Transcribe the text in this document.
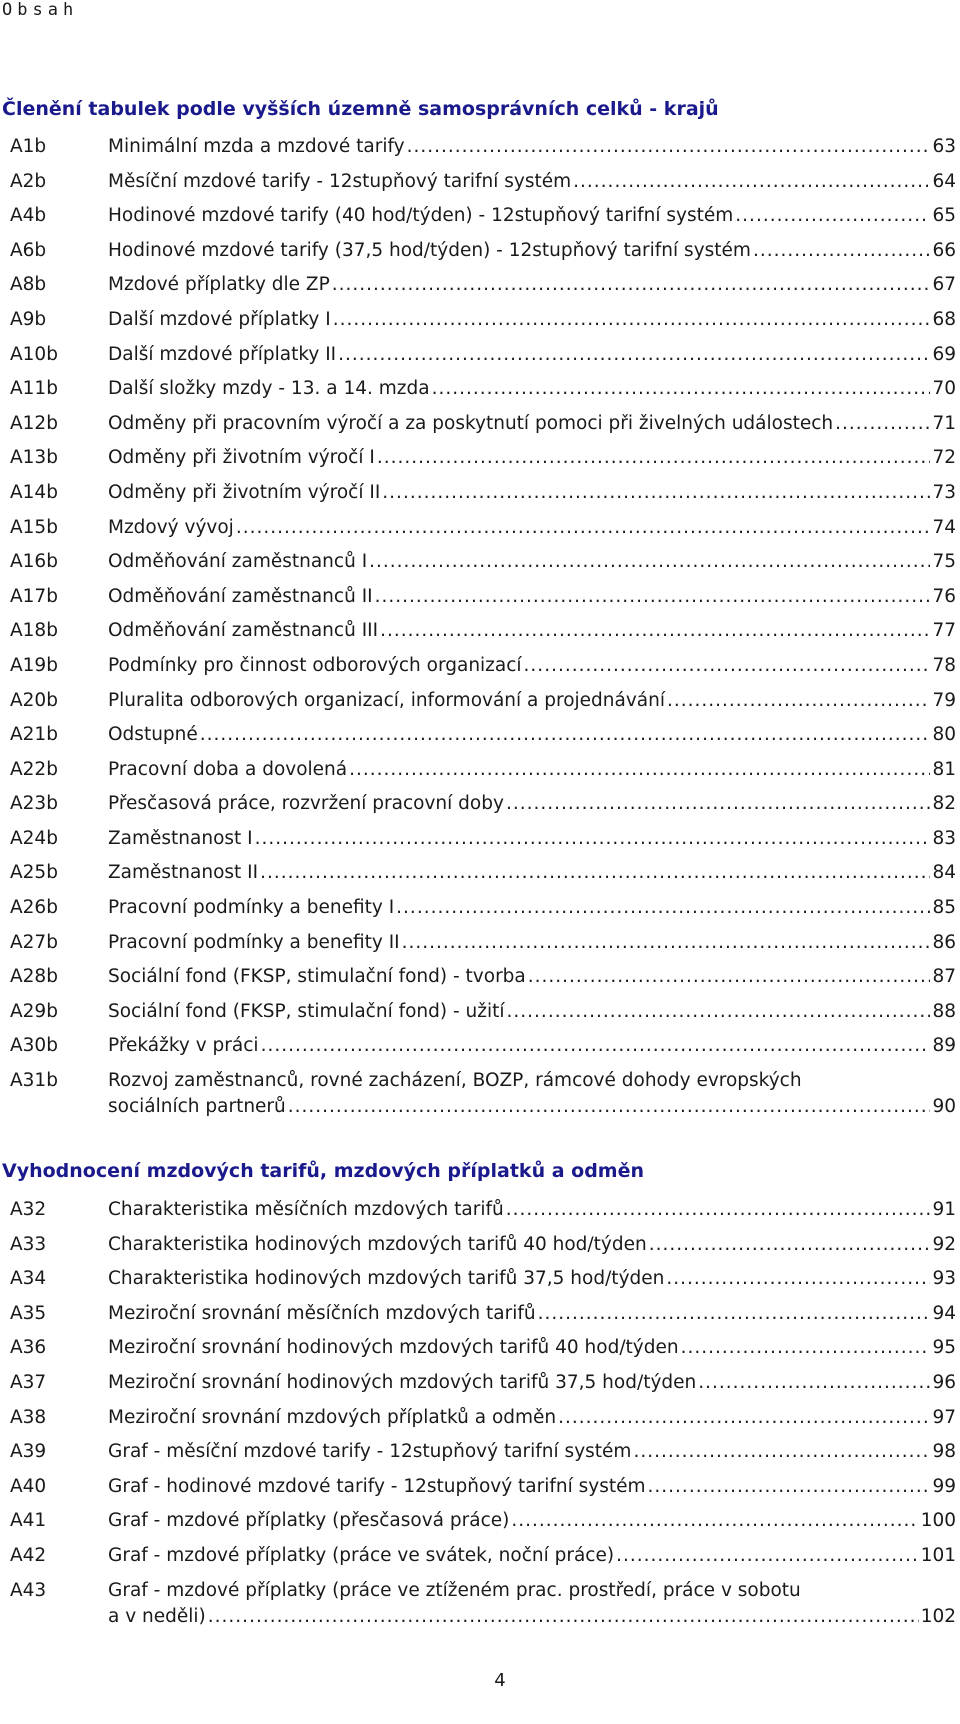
Obsah
Členění tabulek podle vyšších územně samosprávních celků - krajů
A1b	Minimální mzda a mzdové tarify .....	63
A2b	Měsíční mzdové tarify - 12stupňový tarifní systém .....	64
A4b	Hodinové mzdové tarify (40 hod/týden) - 12stupňový tarifní systém .....	65
A6b	Hodinové mzdové tarify (37,5 hod/týden) - 12stupňový tarifní systém .....	66
A8b	Mzdové příplatky dle ZP .....	67
A9b	Další mzdové příplatky I .....	68
A10b	Další mzdové příplatky II .....	69
A11b	Další složky mzdy - 13. a 14. mzda .....	70
A12b	Odměny při pracovním výročí a za poskytnutí pomoci při živelných událostech .....	71
A13b	Odměny při životním výročí I .....	72
A14b	Odměny při životním výročí II .....	73
A15b	Mzdový vývoj .....	74
A16b	Odměňování zaměstnanců I .....	75
A17b	Odměňování zaměstnanců II .....	76
A18b	Odměňování zaměstnanců III .....	77
A19b	Podmínky pro činnost odborových organizací .....	78
A20b	Pluralita odborových organizací, informování a projednávání .....	79
A21b	Odstupné .....	80
A22b	Pracovní doba a dovolená .....	81
A23b	Přesčasová práce, rozvržení pracovní doby .....	82
A24b	Zaměstnanost I .....	83
A25b	Zaměstnanost II .....	84
A26b	Pracovní podmínky a benefity I .....	85
A27b	Pracovní podmínky a benefity II .....	86
A28b	Sociální fond (FKSP, stimulační fond) - tvorba .....	87
A29b	Sociální fond (FKSP, stimulační fond) - užití .....	88
A30b	Překážky v práci .....	89
A31b	Rozvoj zaměstnanců, rovné zacházení, BOZP, rámcové dohody evropských
sociálních partnerů .....	90
Vyhodnocení mzdových tarifů, mzdových příplatků a odměn
A32	Charakteristika měsíčních mzdových tarifů .....	91
A33	Charakteristika hodinových mzdových tarifů 40 hod/týden .....	92
A34	Charakteristika hodinových mzdových tarifů 37,5 hod/týden .....	93
A35	Meziroční srovnání měsíčních mzdových tarifů .....	94
A36	Meziroční srovnání hodinových mzdových tarifů 40 hod/týden .....	95
A37	Meziroční srovnání hodinových mzdových tarifů 37,5 hod/týden .....	96
A38	Meziroční srovnání mzdových příplatků a odměn .....	97
A39	Graf - měsíční mzdové tarify - 12stupňový tarifní systém .....	98
A40	Graf - hodinové mzdové tarify - 12stupňový tarifní systém .....	99
A41	Graf - mzdové příplatky (přesčasová práce) .....	100
A42	Graf - mzdové příplatky (práce ve svátek, noční práce) .....	101
A43	Graf - mzdové příplatky (práce ve ztíženém prac. prostředí, práce v sobotu
a v neděli) .....	102
4
